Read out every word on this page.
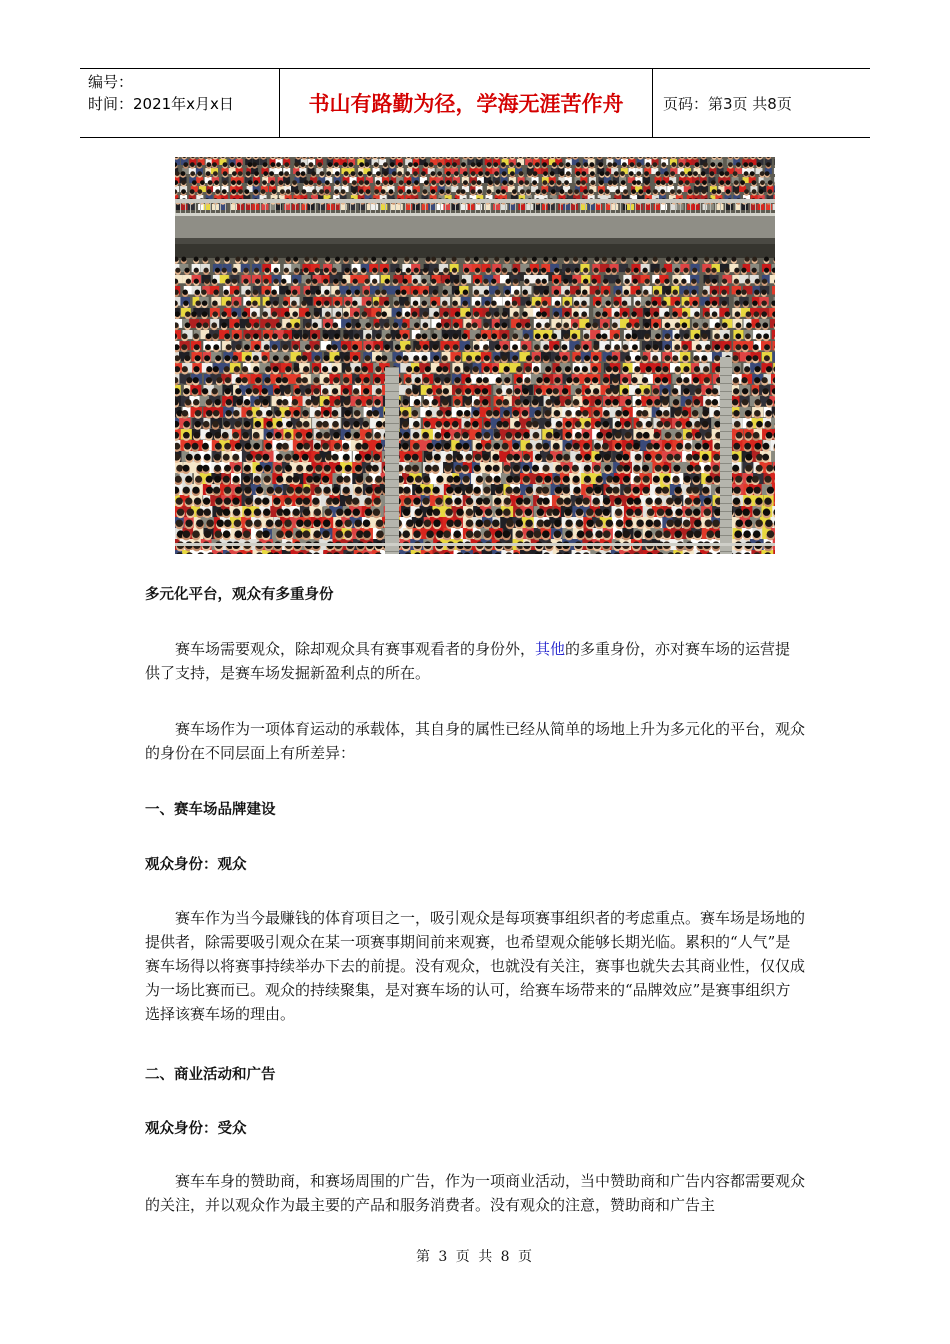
编号：
时间：2021年x月x日	书山有路勤为径，学海无涯苦作舟	页码：第3页 共8页
多元化平台，观众有多重身份
赛车场需要观众，除却观众具有赛事观看者的身份外，其他的多重身份，亦对赛车场的运营提供了支持，是赛车场发掘新盈利点的所在。
赛车场作为一项体育运动的承载体，其自身的属性已经从简单的场地上升为多元化的平台，观众的身份在不同层面上有所差异：
一、赛车场品牌建设
观众身份：观众
赛车作为当今最赚钱的体育项目之一，吸引观众是每项赛事组织者的考虑重点。赛车场是场地的提供者，除需要吸引观众在某一项赛事期间前来观赛，也希望观众能够长期光临。累积的“人气”是赛车场得以将赛事持续举办下去的前提。没有观众，也就没有关注，赛事也就失去其商业性，仅仅成为一场比赛而已。观众的持续聚集，是对赛车场的认可，给赛车场带来的“品牌效应”是赛事组织方选择该赛车场的理由。
二、商业活动和广告
观众身份：受众
赛车车身的赞助商，和赛场周围的广告，作为一项商业活动，当中赞助商和广告内容都需要观众的关注，并以观众作为最主要的产品和服务消费者。没有观众的注意，赞助商和广告主
第 3 页 共 8 页
